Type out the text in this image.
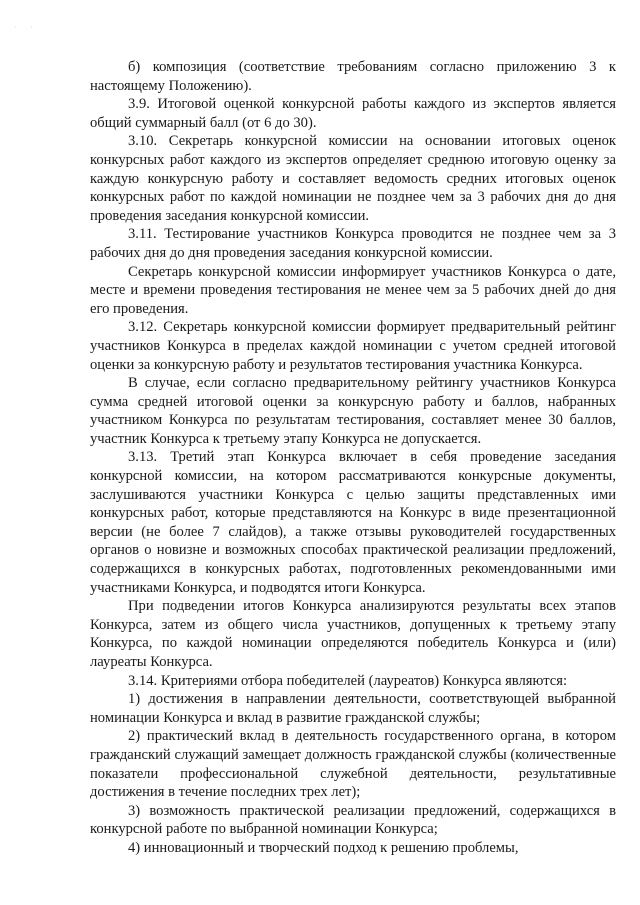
· ·

б) композиция (соответствие требованиям согласно приложению 3 к настоящему Положению).

3.9. Итоговой оценкой конкурсной работы каждого из экспертов является общий суммарный балл (от 6 до 30).

3.10. Секретарь конкурсной комиссии на основании итоговых оценок конкурсных работ каждого из экспертов определяет среднюю итоговую оценку за каждую конкурсную работу и составляет ведомость средних итоговых оценок конкурсных работ по каждой номинации не позднее чем за 3 рабочих дня до дня проведения заседания конкурсной комиссии.

3.11. Тестирование участников Конкурса проводится не позднее чем за 3 рабочих дня до дня проведения заседания конкурсной комиссии.

Секретарь конкурсной комиссии информирует участников Конкурса о дате, месте и времени проведения тестирования не менее чем за 5 рабочих дней до дня его проведения.

3.12. Секретарь конкурсной комиссии формирует предварительный рейтинг участников Конкурса в пределах каждой номинации с учетом средней итоговой оценки за конкурсную работу и результатов тестирования участника Конкурса.

В случае, если согласно предварительному рейтингу участников Конкурса сумма средней итоговой оценки за конкурсную работу и баллов, набранных участником Конкурса по результатам тестирования, составляет менее 30 баллов, участник Конкурса к третьему этапу Конкурса не допускается.

3.13. Третий этап Конкурса включает в себя проведение заседания конкурсной комиссии, на котором рассматриваются конкурсные документы, заслушиваются участники Конкурса с целью защиты представленных ими конкурсных работ, которые представляются на Конкурс в виде презентационной версии (не более 7 слайдов), а также отзывы руководителей государственных органов о новизне и возможных способах практической реализации предложений, содержащихся в конкурсных работах, подготовленных рекомендованными ими участниками Конкурса, и подводятся итоги Конкурса.

При подведении итогов Конкурса анализируются результаты всех этапов Конкурса, затем из общего числа участников, допущенных к третьему этапу Конкурса, по каждой номинации определяются победитель Конкурса и (или) лауреаты Конкурса.

3.14. Критериями отбора победителей (лауреатов) Конкурса являются:

1) достижения в направлении деятельности, соответствующей выбранной номинации Конкурса и вклад в развитие гражданской службы;

2) практический вклад в деятельность государственного органа, в котором гражданский служащий замещает должность гражданской службы (количественные показатели профессиональной служебной деятельности, результативные достижения в течение последних трех лет);

3) возможность практической реализации предложений, содержащихся в конкурсной работе по выбранной номинации Конкурса;

4) инновационный и творческий подход к решению проблемы,
